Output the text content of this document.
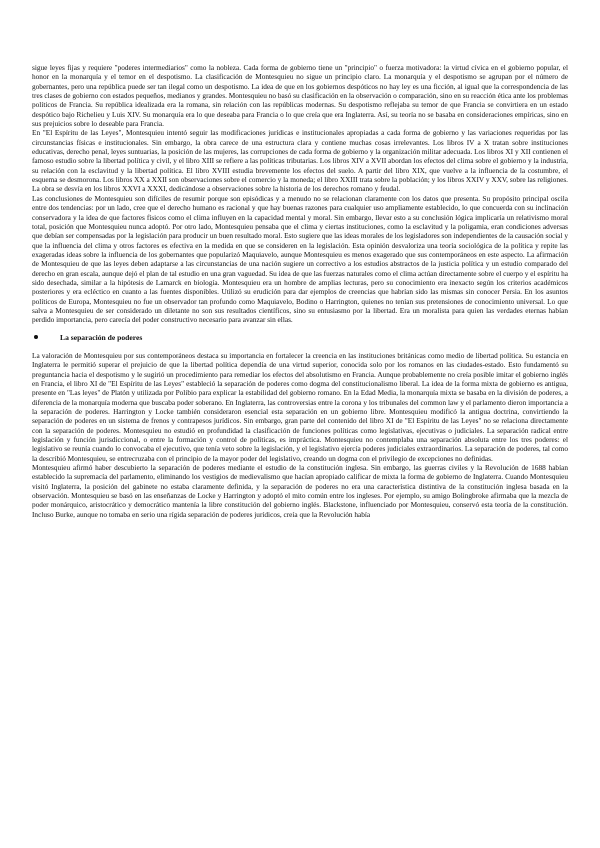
sigue leyes fijas y requiere "poderes intermediarios" como la nobleza. Cada forma de gobierno tiene un "principio" o fuerza motivadora: la virtud cívica en el gobierno popular, el honor en la monarquía y el temor en el despotismo. La clasificación de Montesquieu no sigue un principio claro. La monarquía y el despotismo se agrupan por el número de gobernantes, pero una república puede ser tan ilegal como un despotismo. La idea de que en los gobiernos despóticos no hay ley es una ficción, al igual que la correspondencia de las tres clases de gobierno con estados pequeños, medianos y grandes. Montesquieu no basó su clasificación en la observación o comparación, sino en su reacción ética ante los problemas políticos de Francia. Su república idealizada era la romana, sin relación con las repúblicas modernas. Su despotismo reflejaba su temor de que Francia se convirtiera en un estado despótico bajo Richelieu y Luis XIV. Su monarquía era lo que deseaba para Francia o lo que creía que era Inglaterra. Así, su teoría no se basaba en consideraciones empíricas, sino en sus prejuicios sobre lo deseable para Francia.

En "El Espíritu de las Leyes", Montesquieu intentó seguir las modificaciones jurídicas e institucionales apropiadas a cada forma de gobierno y las variaciones requeridas por las circunstancias físicas e institucionales. Sin embargo, la obra carece de una estructura clara y contiene muchas cosas irrelevantes. Los libros IV a X tratan sobre instituciones educativas, derecho penal, leyes suntuarias, la posición de las mujeres, las corrupciones de cada forma de gobierno y la organización militar adecuada. Los libros XI y XII contienen el famoso estudio sobre la libertad política y civil, y el libro XIII se refiere a las políticas tributarias. Los libros XIV a XVII abordan los efectos del clima sobre el gobierno y la industria, su relación con la esclavitud y la libertad política. El libro XVIII estudia brevemente los efectos del suelo. A partir del libro XIX, que vuelve a la influencia de la costumbre, el esquema se desmorona. Los libros XX a XXII son observaciones sobre el comercio y la moneda; el libro XXIII trata sobre la población; y los libros XXIV y XXV, sobre las religiones. La obra se desvía en los libros XXVI a XXXI, dedicándose a observaciones sobre la historia de los derechos romano y feudal.

Las conclusiones de Montesquieu son difíciles de resumir porque son episódicas y a menudo no se relacionan claramente con los datos que presenta. Su propósito principal oscila entre dos tendencias: por un lado, cree que el derecho humano es racional y que hay buenas razones para cualquier uso ampliamente establecido, lo que concuerda con su inclinación conservadora y la idea de que factores físicos como el clima influyen en la capacidad mental y moral. Sin embargo, llevar esto a su conclusión lógica implicaría un relativismo moral total, posición que Montesquieu nunca adoptó. Por otro lado, Montesquieu pensaba que el clima y ciertas instituciones, como la esclavitud y la poligamia, eran condiciones adversas que debían ser compensadas por la legislación para producir un buen resultado moral. Esto sugiere que las ideas morales de los legisladores son independientes de la causación social y que la influencia del clima y otros factores es efectiva en la medida en que se consideren en la legislación. Esta opinión desvaloriza una teoría sociológica de la política y repite las exageradas ideas sobre la influencia de los gobernantes que popularizó Maquiavelo, aunque Montesquieu es menos exagerado que sus contemporáneos en este aspecto. La afirmación de Montesquieu de que las leyes deben adaptarse a las circunstancias de una nación sugiere un correctivo a los estudios abstractos de la justicia política y un estudio comparado del derecho en gran escala, aunque dejó el plan de tal estudio en una gran vaguedad. Su idea de que las fuerzas naturales como el clima actúan directamente sobre el cuerpo y el espíritu ha sido desechada, similar a la hipótesis de Lamarck en biología. Montesquieu era un hombre de amplias lecturas, pero su conocimiento era inexacto según los criterios académicos posteriores y era ecléctico en cuanto a las fuentes disponibles. Utilizó su erudición para dar ejemplos de creencias que habrían sido las mismas sin conocer Persia. En los asuntos políticos de Europa, Montesquieu no fue un observador tan profundo como Maquiavelo, Bodino o Harrington, quienes no tenían sus pretensiones de conocimiento universal. Lo que salva a Montesquieu de ser considerado un diletante no son sus resultados científicos, sino su entusiasmo por la libertad. Era un moralista para quien las verdades eternas habían perdido importancia, pero carecía del poder constructivo necesario para avanzar sin ellas.

La separación de poderes

La valoración de Montesquieu por sus contemporáneos destaca su importancia en fortalecer la creencia en las instituciones británicas como medio de libertad política. Su estancia en Inglaterra le permitió superar el prejuicio de que la libertad política dependía de una virtud superior, conocida solo por los romanos en las ciudades-estado. Esto fundamentó su preguntancia hacia el despotismo y le sugirió un procedimiento para remediar los efectos del absolutismo en Francia. Aunque probablemente no creía posible imitar el gobierno inglés en Francia, el libro XI de "El Espíritu de las Leyes" estableció la separación de poderes como dogma del constitucionalismo liberal. La idea de la forma mixta de gobierno es antigua, presente en "Las leyes" de Platón y utilizada por Polibio para explicar la estabilidad del gobierno romano. En la Edad Media, la monarquía mixta se basaba en la división de poderes, a diferencia de la monarquía moderna que buscaba poder soberano. En Inglaterra, las controversias entre la corona y los tribunales del common law y el parlamento dieron importancia a la separación de poderes. Harrington y Locke también consideraron esencial esta separación en un gobierno libre. Montesquieu modificó la antigua doctrina, convirtiendo la separación de poderes en un sistema de frenos y contrapesos jurídicos. Sin embargo, gran parte del contenido del libro XI de "El Espíritu de las Leyes" no se relaciona directamente con la separación de poderes. Montesquieu no estudió en profundidad la clasificación de funciones políticas como legislativas, ejecutivas o judiciales. La separación radical entre legislación y función jurisdiccional, o entre la formación y control de políticas, es impráctica. Montesquieu no contemplaba una separación absoluta entre los tres poderes: el legislativo se reunía cuando lo convocaba el ejecutivo, que tenía veto sobre la legislación, y el legislativo ejercía poderes judiciales extraordinarios. La separación de poderes, tal como la describió Montesquieu, se entrecruzaba con el principio de la mayor poder del legislativo, creando un dogma con el privilegio de excepciones no definidas.

Montesquieu afirmó haber descubierto la separación de poderes mediante el estudio de la constitución inglesa. Sin embargo, las guerras civiles y la Revolución de 1688 habían establecido la supremacía del parlamento, eliminando los vestigios de medievalismo que hacían apropiado calificar de mixta la forma de gobierno de Inglaterra. Cuando Montesquieu visitó Inglaterra, la posición del gabinete no estaba claramente definida, y la separación de poderes no era una característica distintiva de la constitución inglesa basada en la observación. Montesquieu se basó en las enseñanzas de Locke y Harrington y adoptó el mito común entre los ingleses. Por ejemplo, su amigo Bolingbroke afirmaba que la mezcla de poder monárquico, aristocrático y democrático mantenía la libre constitución del gobierno inglés. Blackstone, influenciado por Montesquieu, conservó esta teoría de la constitución. Incluso Burke, aunque no tomaba en serio una rígida separación de poderes jurídicos, creía que la Revolución había
